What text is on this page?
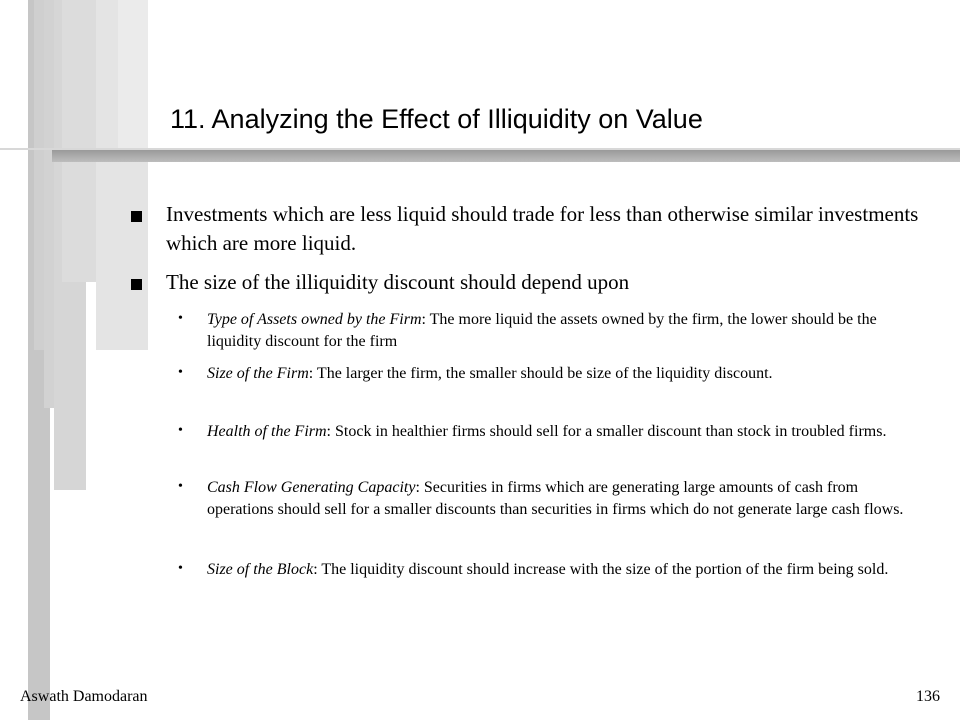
11. Analyzing the Effect of Illiquidity on Value
Investments which are less liquid should trade for less than otherwise similar investments which are more liquid.
The size of the illiquidity discount should depend upon
• Type of Assets owned by the Firm: The more liquid the assets owned by the firm, the lower should be the liquidity discount for the firm
• Size of the Firm: The larger the firm, the smaller should be size of the liquidity discount.
• Health of the Firm: Stock in healthier firms should sell for a smaller discount than stock in troubled firms.
• Cash Flow Generating Capacity: Securities in firms which are generating large amounts of cash from operations should sell for a smaller discounts than securities in firms which do not generate large cash flows.
• Size of the Block: The liquidity discount should increase with the size of the portion of the firm being sold.
Aswath Damodaran	136
